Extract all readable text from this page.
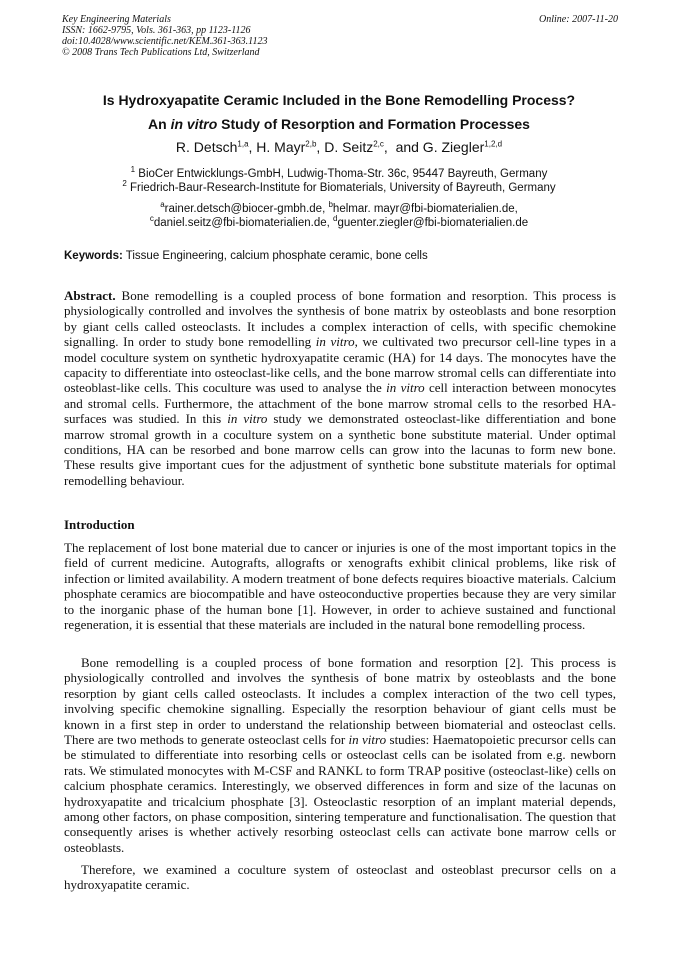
Key Engineering Materials
ISSN: 1662-9795, Vols. 361-363, pp 1123-1126
doi:10.4028/www.scientific.net/KEM.361-363.1123
© 2008 Trans Tech Publications Ltd, Switzerland
Online: 2007-11-20
Is Hydroxyapatite Ceramic Included in the Bone Remodelling Process?
An in vitro Study of Resorption and Formation Processes
R. Detsch$^{1,a}$, H. Mayr$^{2,b}$, D. Seitz$^{2,c}$,  and G. Ziegler$^{1,2,d}$
$^1$ BioCer Entwicklungs-GmbH, Ludwig-Thoma-Str. 36c, 95447 Bayreuth, Germany
$^2$ Friedrich-Baur-Research-Institute for Biomaterials, University of Bayreuth, Germany
$^a$rainer.detsch@biocer-gmbh.de, $^b$helmar. mayr@fbi-biomaterialien.de,
$^c$daniel.seitz@fbi-biomaterialien.de, $^d$guenter.ziegler@fbi-biomaterialien.de
Keywords: Tissue Engineering, calcium phosphate ceramic, bone cells
Abstract. Bone remodelling is a coupled process of bone formation and resorption. This process is physiologically controlled and involves the synthesis of bone matrix by osteoblasts and bone resorption by giant cells called osteoclasts. It includes a complex interaction of cells, with specific chemokine signalling. In order to study bone remodelling in vitro, we cultivated two precursor cell-line types in a model coculture system on synthetic hydroxyapatite ceramic (HA) for 14 days. The monocytes have the capacity to differentiate into osteoclast-like cells, and the bone marrow stromal cells can differentiate into osteoblast-like cells. This coculture was used to analyse the in vitro cell interaction between monocytes and stromal cells. Furthermore, the attachment of the bone marrow stromal cells to the resorbed HA-surfaces was studied. In this in vitro study we demonstrated osteoclast-like differentiation and bone marrow stromal growth in a coculture system on a synthetic bone substitute material. Under optimal conditions, HA can be resorbed and bone marrow cells can grow into the lacunas to form new bone. These results give important cues for the adjustment of synthetic bone substitute materials for optimal remodelling behaviour.
Introduction
The replacement of lost bone material due to cancer or injuries is one of the most important topics in the field of current medicine. Autografts, allografts or xenografts exhibit clinical problems, like risk of infection or limited availability. A modern treatment of bone defects requires bioactive materials. Calcium phosphate ceramics are biocompatible and have osteoconductive properties because they are very similar to the inorganic phase of the human bone [1]. However, in order to achieve sustained and functional regeneration, it is essential that these materials are included in the natural bone remodelling process.
Bone remodelling is a coupled process of bone formation and resorption [2]. This process is physiologically controlled and involves the synthesis of bone matrix by osteoblasts and the bone resorption by giant cells called osteoclasts. It includes a complex interaction of the two cell types, involving specific chemokine signalling. Especially the resorption behaviour of giant cells must be known in a first step in order to understand the relationship between biomaterial and osteoclast cells. There are two methods to generate osteoclast cells for in vitro studies: Haematopoietic precursor cells can be stimulated to differentiate into resorbing cells or osteoclast cells can be isolated from e.g. newborn rats. We stimulated monocytes with M-CSF and RANKL to form TRAP positive (osteoclast-like) cells on calcium phosphate ceramics. Interestingly, we observed differences in form and size of the lacunas on hydroxyapatite and tricalcium phosphate [3]. Osteoclastic resorption of an implant material depends, among other factors, on phase composition, sintering temperature and functionalisation. The question that consequently arises is whether actively resorbing osteoclast cells can activate bone marrow cells or osteoblasts.
Therefore, we examined a coculture system of osteoclast and osteoblast precursor cells on a hydroxyapatite ceramic.
